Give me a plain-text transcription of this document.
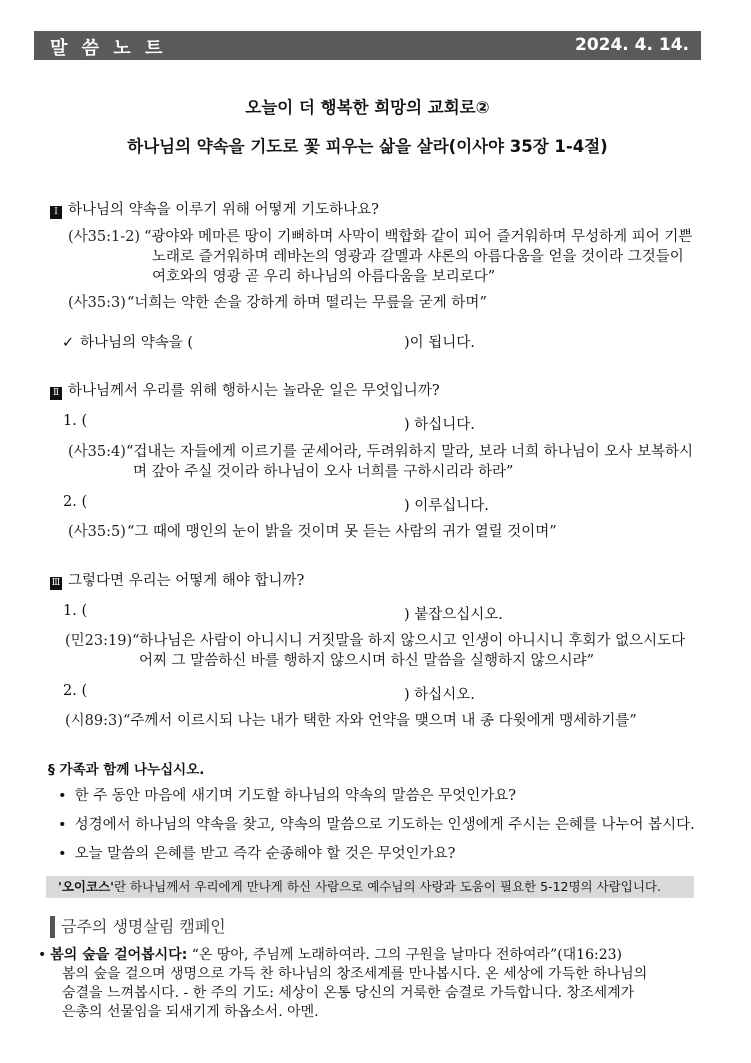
말 씀 노 트	2024. 4. 14.
오늘이 더 행복한 희망의 교회로②
하나님의 약속을 기도로 꽃 피우는 삶을 살라(이사야 35장 1-4절)
Ⅰ 하나님의 약속을 이루기 위해 어떻게 기도하나요?
(사35:1-2) “광야와 메마른 땅이 기뻐하며 사막이 백합화 같이 피어 즐거워하며 무성하게 피어 기쁜
노래로 즐거워하며 레바논의 영광과 갈멜과 샤론의 아름다움을 얻을 것이라 그것들이
여호와의 영광 곧 우리 하나님의 아름다움을 보리로다”
(사35:3) “너희는 약한 손을 강하게 하며 떨리는 무릎을 굳게 하며”
✓ 하나님의 약속을 (	)이 됩니다.
Ⅱ 하나님께서 우리를 위해 행하시는 놀라운 일은 무엇입니까?
1. (	) 하십니다.
(사35:4) “겁내는 자들에게 이르기를 굳세어라, 두려워하지 말라, 보라 너희 하나님이 오사 보복하시
며 갚아 주실 것이라 하나님이 오사 너희를 구하시리라 하라”
2. (	) 이루십니다.
(사35:5) “그 때에 맹인의 눈이 밝을 것이며 못 듣는 사람의 귀가 열릴 것이며”
Ⅲ 그렇다면 우리는 어떻게 해야 합니까?
1. (	) 붙잡으십시오.
(민23:19) “하나님은 사람이 아니시니 거짓말을 하지 않으시고 인생이 아니시니 후회가 없으시도다
어찌 그 말씀하신 바를 행하지 않으시며 하신 말씀을 실행하지 않으시랴”
2. (	) 하십시오.
(시89:3) “주께서 이르시되 나는 내가 택한 자와 언약을 맺으며 내 종 다윗에게 맹세하기를”
§ 가족과 함께 나누십시오.
• 한 주 동안 마음에 새기며 기도할 하나님의 약속의 말씀은 무엇인가요?
• 성경에서 하나님의 약속을 찾고, 약속의 말씀으로 기도하는 인생에게 주시는 은혜를 나누어 봅시다.
• 오늘 말씀의 은혜를 받고 즉각 순종해야 할 것은 무엇인가요?
'오이코스'란 하나님께서 우리에게 만나게 하신 사람으로 예수님의 사랑과 도움이 필요한 5-12명의 사람입니다.
금주의 생명살림 캠페인
• 봄의 숲을 걸어봅시다: “온 땅아, 주님께 노래하여라. 그의 구원을 날마다 전하여라”(대16:23)
봄의 숲을 걸으며 생명으로 가득 찬 하나님의 창조세계를 만나봅시다. 온 세상에 가득한 하나님의
숨결을 느껴봅시다. - 한 주의 기도: 세상이 온통 당신의 거룩한 숨결로 가득합니다. 창조세계가
은총의 선물임을 되새기게 하옵소서. 아멘.
